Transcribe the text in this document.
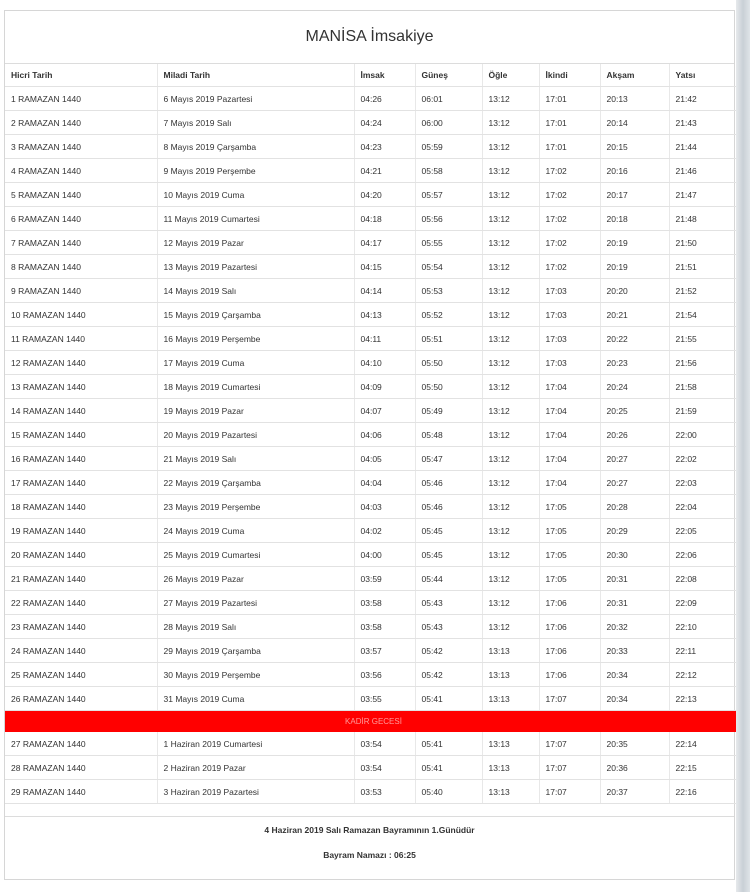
MANİSA İmsakiye
Hicri Tarih	Miladi Tarih	İmsak	Güneş	Öğle	İkindi	Akşam	Yatsı
1 RAMAZAN 1440	6 Mayıs 2019 Pazartesi	04:26	06:01	13:12	17:01	20:13	21:42
2 RAMAZAN 1440	7 Mayıs 2019 Salı	04:24	06:00	13:12	17:01	20:14	21:43
3 RAMAZAN 1440	8 Mayıs 2019 Çarşamba	04:23	05:59	13:12	17:01	20:15	21:44
4 RAMAZAN 1440	9 Mayıs 2019 Perşembe	04:21	05:58	13:12	17:02	20:16	21:46
5 RAMAZAN 1440	10 Mayıs 2019 Cuma	04:20	05:57	13:12	17:02	20:17	21:47
6 RAMAZAN 1440	11 Mayıs 2019 Cumartesi	04:18	05:56	13:12	17:02	20:18	21:48
7 RAMAZAN 1440	12 Mayıs 2019 Pazar	04:17	05:55	13:12	17:02	20:19	21:50
8 RAMAZAN 1440	13 Mayıs 2019 Pazartesi	04:15	05:54	13:12	17:02	20:19	21:51
9 RAMAZAN 1440	14 Mayıs 2019 Salı	04:14	05:53	13:12	17:03	20:20	21:52
10 RAMAZAN 1440	15 Mayıs 2019 Çarşamba	04:13	05:52	13:12	17:03	20:21	21:54
11 RAMAZAN 1440	16 Mayıs 2019 Perşembe	04:11	05:51	13:12	17:03	20:22	21:55
12 RAMAZAN 1440	17 Mayıs 2019 Cuma	04:10	05:50	13:12	17:03	20:23	21:56
13 RAMAZAN 1440	18 Mayıs 2019 Cumartesi	04:09	05:50	13:12	17:04	20:24	21:58
14 RAMAZAN 1440	19 Mayıs 2019 Pazar	04:07	05:49	13:12	17:04	20:25	21:59
15 RAMAZAN 1440	20 Mayıs 2019 Pazartesi	04:06	05:48	13:12	17:04	20:26	22:00
16 RAMAZAN 1440	21 Mayıs 2019 Salı	04:05	05:47	13:12	17:04	20:27	22:02
17 RAMAZAN 1440	22 Mayıs 2019 Çarşamba	04:04	05:46	13:12	17:04	20:27	22:03
18 RAMAZAN 1440	23 Mayıs 2019 Perşembe	04:03	05:46	13:12	17:05	20:28	22:04
19 RAMAZAN 1440	24 Mayıs 2019 Cuma	04:02	05:45	13:12	17:05	20:29	22:05
20 RAMAZAN 1440	25 Mayıs 2019 Cumartesi	04:00	05:45	13:12	17:05	20:30	22:06
21 RAMAZAN 1440	26 Mayıs 2019 Pazar	03:59	05:44	13:12	17:05	20:31	22:08
22 RAMAZAN 1440	27 Mayıs 2019 Pazartesi	03:58	05:43	13:12	17:06	20:31	22:09
23 RAMAZAN 1440	28 Mayıs 2019 Salı	03:58	05:43	13:12	17:06	20:32	22:10
24 RAMAZAN 1440	29 Mayıs 2019 Çarşamba	03:57	05:42	13:13	17:06	20:33	22:11
25 RAMAZAN 1440	30 Mayıs 2019 Perşembe	03:56	05:42	13:13	17:06	20:34	22:12
26 RAMAZAN 1440	31 Mayıs 2019 Cuma	03:55	05:41	13:13	17:07	20:34	22:13
KADİR GECESİ							
27 RAMAZAN 1440	1 Haziran 2019 Cumartesi	03:54	05:41	13:13	17:07	20:35	22:14
28 RAMAZAN 1440	2 Haziran 2019 Pazar	03:54	05:41	13:13	17:07	20:36	22:15
29 RAMAZAN 1440	3 Haziran 2019 Pazartesi	03:53	05:40	13:13	17:07	20:37	22:16
4 Haziran 2019 Salı Ramazan Bayramının 1.Günüdür
Bayram Namazı : 06:25
